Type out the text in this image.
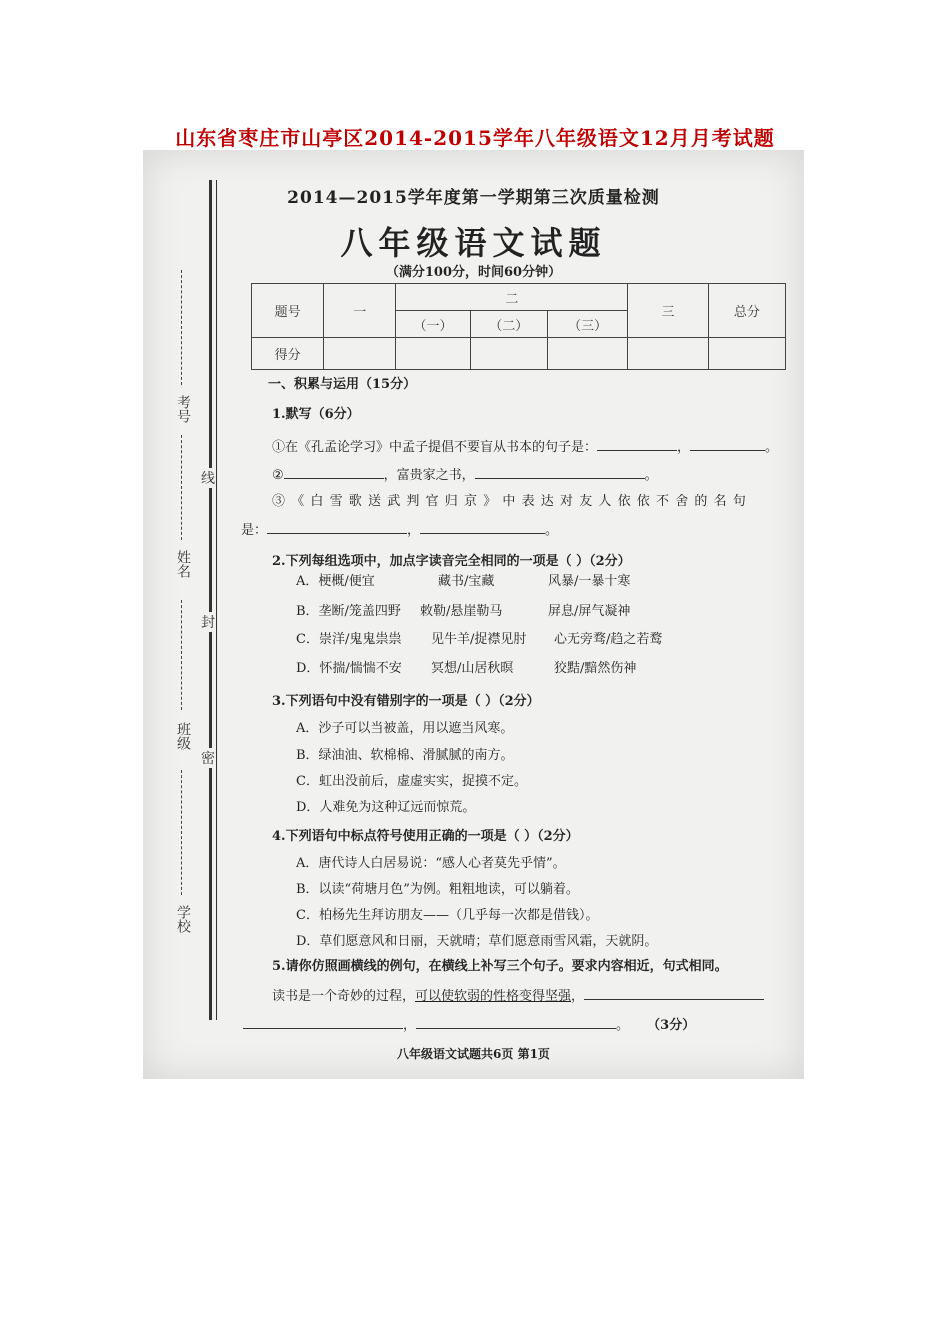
山东省枣庄市山亭区2014-2015学年八年级语文12月月考试题
考号
姓名
班级
学校
线
封
密
2014—2015学年度第一学期第三次质量检测
八年级语文试题
（满分100分，时间60分钟）
题号	一	二			三	总分
		（一）	（二）	（三）		
得分						
一、积累与运用（15分）
1.默写（6分）
①在《孔孟论学习》中孟子提倡不要盲从书本的句子是：	，	。
②	，富贵家之书，	。
③《白雪歌送武判官归京》中表达对友人依依不舍的名句
是：	，	。
2.下列每组选项中，加点字读音完全相同的一项是（ ）（2分）
A．梗概/便宜	藏书/宝藏	风暴/一暴十寒
B．垄断/笼盖四野 敕勒/悬崖勒马	屏息/屏气凝神
C．崇洋/鬼鬼祟祟 见牛羊/捉襟见肘 心无旁骛/趋之若鹜
D．怀揣/惴惴不安 冥想/山居秋暝	狡黠/黯然伤神
3.下列语句中没有错别字的一项是（ ）（2分）
A．沙子可以当被盖，用以遮当风寒。
B．绿油油、软棉棉、滑腻腻的南方。
C．虹出没前后，虚虚实实，捉摸不定。
D．人难免为这种辽远而惊荒。
4.下列语句中标点符号使用正确的一项是（ ）（2分）
A．唐代诗人白居易说：“感人心者莫先乎情”。
B．以读“荷塘月色”为例。粗粗地读，可以躺着。
C．柏杨先生拜访朋友——（几乎每一次都是借钱）。
D．草们愿意风和日丽，天就晴；草们愿意雨雪风霜，天就阴。
5.请你仿照画横线的例句，在横线上补写三个句子。要求内容相近，句式相同。
读书是一个奇妙的过程，可以使软弱的性格变得坚强，
，	。 （3分）
八年级语文试题共6页 第1页
